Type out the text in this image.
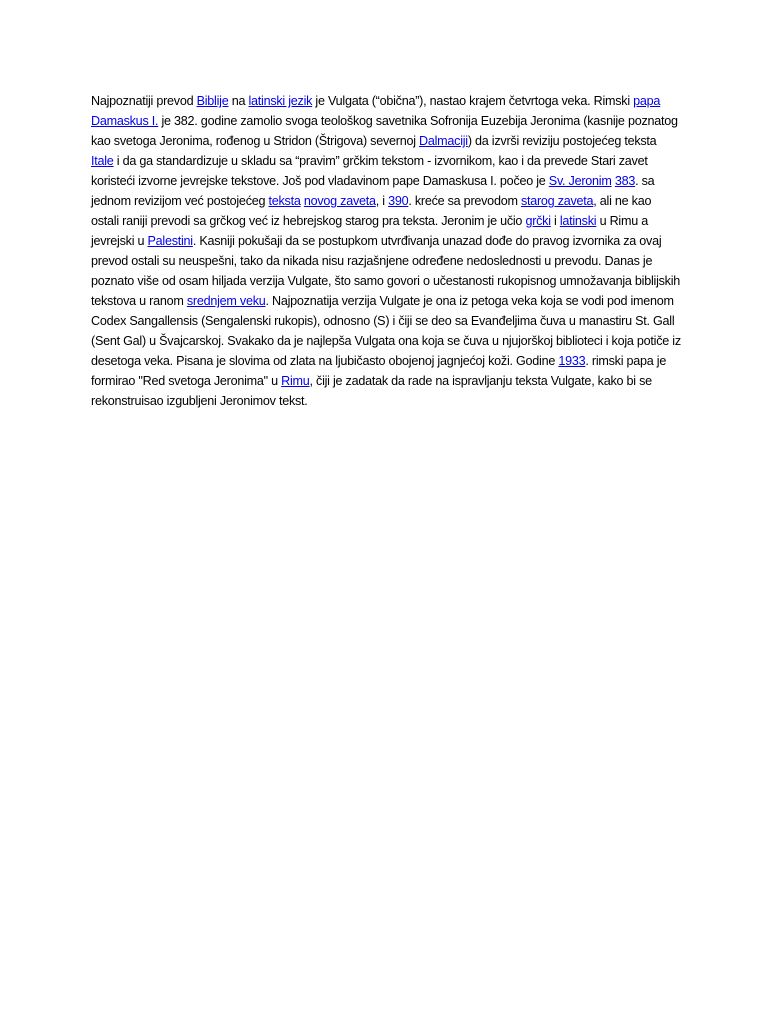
Najpoznatiji prevod Biblije na latinski jezik je Vulgata (“obična”), nastao krajem četvrtoga veka. Rimski papa Damaskus I. je 382. godine zamolio svoga teološkog savetnika Sofronija Euzebija Jeronima (kasnije poznatog kao svetoga Jeronima, rođenog u Stridon (Štrigova) severnoj Dalmaciji) da izvrši reviziju postojećeg teksta Itale i da ga standardizuje u skladu sa “pravim” grčkim tekstom - izvornikom, kao i da prevede Stari zavet koristeći izvorne jevrejske tekstove. Još pod vladavinom pape Damaskusa I. počeo je Sv. Jeronim 383. sa jednom revizijom već postojećeg teksta novog zaveta, i 390. kreće sa prevodom starog zaveta, ali ne kao ostali raniji prevodi sa grčkog već iz hebrejskog starog pra teksta. Jeronim je učio grčki i latinski u Rimu a jevrejski u Palestini. Kasniji pokušaji da se postupkom utvrđivanja unazad dođe do pravog izvornika za ovaj prevod ostali su neuspešni, tako da nikada nisu razjašnjene određene nedoslednosti u prevodu. Danas je poznato više od osam hiljada verzija Vulgate, što samo govori o učestanosti rukopisnog umnožavanja biblijskih tekstova u ranom srednjem veku. Najpoznatija verzija Vulgate je ona iz petoga veka koja se vodi pod imenom Codex Sangallensis (Sengalenski rukopis), odnosno (S) i čiji se deo sa Evanđeljima čuva u manastiru St. Gall (Sent Gal) u Švajcarskoj. Svakako da je najlepša Vulgata ona koja se čuva u njujorškoj biblioteci i koja potiče iz desetoga veka. Pisana je slovima od zlata na ljubičasto obojenoj jagnjećoj koži. Godine 1933. rimski papa je formirao "Red svetoga Jeronima" u Rimu, čiji je zadatak da rade na ispravljanju teksta Vulgate, kako bi se rekonstruisao izgubljeni Jeronimov tekst.
